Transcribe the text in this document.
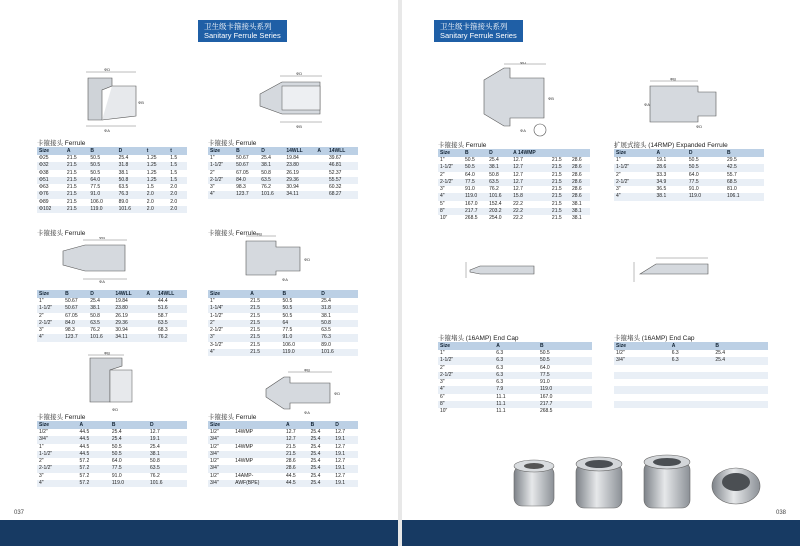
ΦD
ΦB
ΦA
ΦD
ΦB
卡箍接头 Ferrule
Size	A	B	D	t	t
Φ25	21.5	50.5	25.4	1.25	1.5
Φ32	21.5	50.5	31.8	1.25	1.5
Φ38	21.5	50.5	38.1	1.25	1.5
Φ51	21.5	64.0	50.8	1.25	1.5
Φ63	21.5	77.5	63.5	1.5	2.0
Φ76	21.5	91.0	76.3	2.0	2.0
Φ89	21.5	106.0	89.0	2.0	2.0
Φ102	21.5	119.0	101.6	2.0	2.0
卡箍接头 Ferrule
Size	B	D	14WLL	A	14WLL
1"	50.67	25.4	19.84		39.67
1-1/2"	50.67	38.1	23.80		46.81
2"	67.05	50.8	26.19		52.37
2-1/2"	84.0	63.5	29.36		55.57
3"	98.3	76.2	30.94		60.32
4"	123.7	101.6	34.11		68.27
卡箍接头 Ferrule
ΦB
ΦA
Size	B	D	14WLL	A	14WLL
1"	50.67	25.4	19.84		44.4
1-1/2"	50.67	38.1	23.80		51.6
2"	67.05	50.8	26.19		58.7
2-1/2"	84.0	63.5	29.36		63.5
3"	98.3	76.2	30.94		68.3
4"	123.7	101.6	34.11		76.2
卡箍接头 Ferrule ΦB
ΦD
ΦA
Size	A	B	D
1"	21.5	50.5	25.4
1-1/4"	21.5	50.5	31.8
1-1/2"	21.5	50.5	38.1
2"	21.5	64	50.8
2-1/2"	21.5	77.5	63.5
3"	21.5	91.0	76.3
3-1/2"	21.5	106.0	89.0
4"	21.5	119.0	101.6
ΦB
ΦD
ΦB
ΦD
ΦA
卡箍接头 Ferrule
Size	A	B	D
1/2"	44.5	25.4	12.7
3/4"	44.5	25.4	19.1
1"	44.5	50.5	25.4
1-1/2"	44.5	50.5	38.1
2"	57.2	64.0	50.8
2-1/2"	57.2	77.5	63.5
3"	57.2	91.0	76.2
4"	57.2	119.0	101.6
卡箍接头 Ferrule
Size		A	B	D
1/2"	14WMP	12.7	25.4	12.7
3/4"		12.7	25.4	19.1
1/2"	14WMP	21.5	25.4	12.7
3/4"		21.5	25.4	19.1
1/2"	14WMP	28.6	25.4	12.7
3/4"		28.6	25.4	19.1
1/2"	14AMP-	44.5	25.4	12.7
3/4"	AWF(BPE)	44.5	25.4	19.1
卫生级卡箍接头系列
Sanitary Ferrule Series
037
卫生级卡箍接头系列
Sanitary Ferrule Series
ΦD
ΦB
ΦA
ΦB
ΦA
ΦD
卡箍接头 Ferrule
Size	B	D	A 14WMP		
1"	50.5	25.4	12.7	21.5	28.6
1-1/2"	50.5	38.1	12.7	21.5	28.6
2"	64.0	50.8	12.7	21.5	28.6
2-1/2"	77.5	63.5	12.7	21.5	28.6
3"	91.0	76.2	12.7	21.5	28.6
4"	119.0	101.6	15.8	21.5	28.6
5"	167.0	152.4	22.2	21.5	38.1
8"	217.7	203.2	22.2	21.5	38.1
10"	268.5	254.0	22.2	21.5	38.1
扩展式接头 (14RMP) Expanded Ferrule
Size	A	D	B
1"	19.1	50.5	29.5
1-1/2"	28.6	50.5	42.5
2"	33.3	64.0	55.7
2-1/2"	34.9	77.5	68.5
3"	36.5	91.0	81.0
4"	38.1	119.0	106.1
卡箍堵头 (16AMP) End Cap
Size	A	B
1"	6.3	50.5
1-1/2"	6.3	50.5
2"	6.3	64.0
2-1/2"	6.3	77.5
3"	6.3	91.0
4"	7.9	119.0
6"	11.1	167.0
8"	11.1	217.7
10"	11.1	268.5
卡箍堵头 (16AMP) End Cap
Size	A	B
1/2"	6.3	25.4
3/4"	6.3	25.4

038
